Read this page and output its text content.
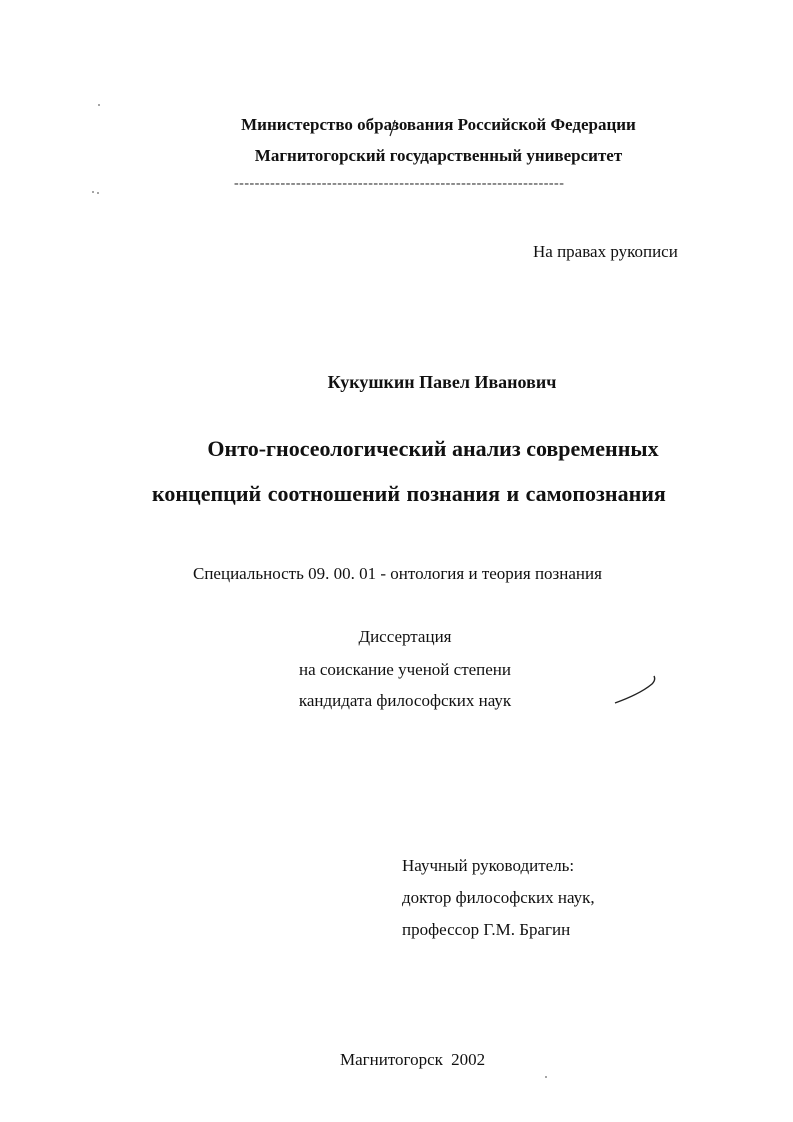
Министерство образования Российской Федерации
Магнитогорский государственный университет
----------------------------------------------------------------
На правах рукописи
Кукушкин Павел Иванович
Онто-гносеологический анализ современных
концепций соотношений познания и самопознания
Специальность 09. 00. 01 - онтология и теория познания
Диссертация
на соискание ученой степени
кандидата философских наук
Научный руководитель:
доктор философских наук,
профессор Г.М. Брагин
Магнитогорск 2002
